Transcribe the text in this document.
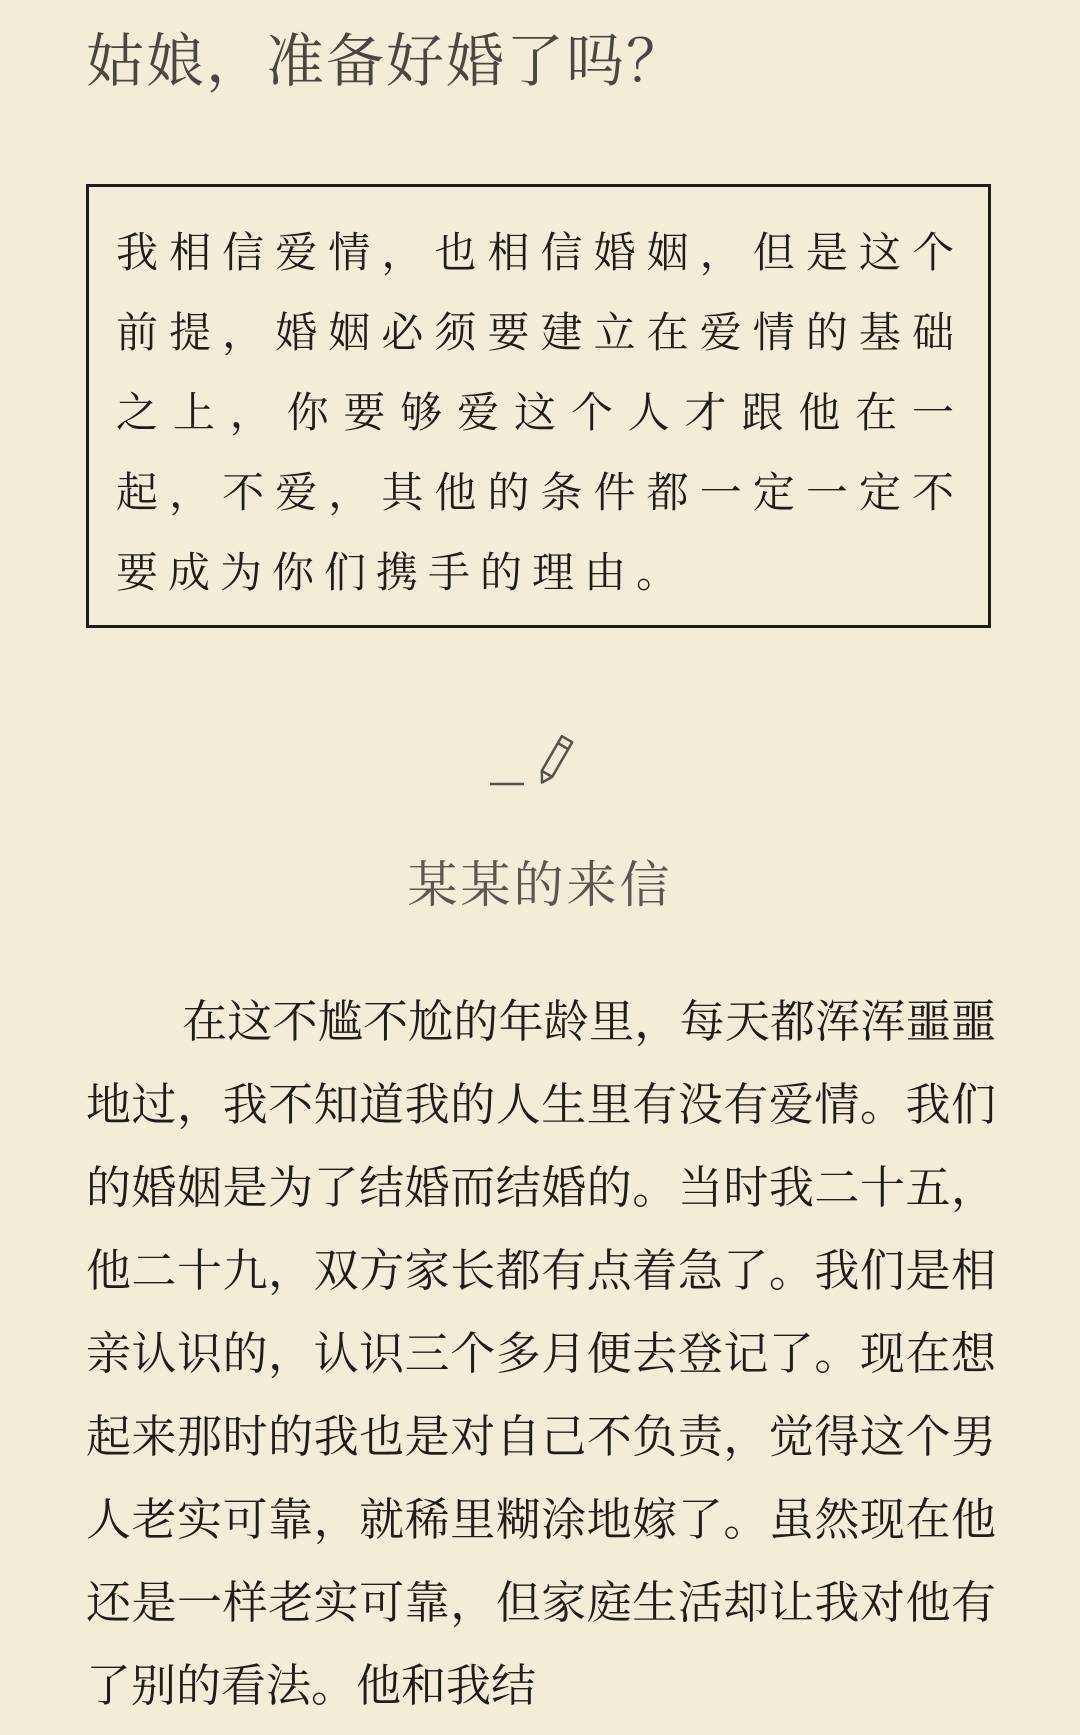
姑娘，准备好婚了吗？

我相信爱情，也相信婚姻，但是这个前提，婚姻必须要建立在爱情的基础之上，你要够爱这个人才跟他在一起，不爱，其他的条件都一定一定不要成为你们携手的理由。

某某的来信

在这不尴不尬的年龄里，每天都浑浑噩噩地过，我不知道我的人生里有没有爱情。我们的婚姻是为了结婚而结婚的。当时我二十五，他二十九，双方家长都有点着急了。我们是相亲认识的，认识三个多月便去登记了。现在想起来那时的我也是对自己不负责，觉得这个男人老实可靠，就稀里糊涂地嫁了。虽然现在他还是一样老实可靠，但家庭生活却让我对他有了别的看法。他和我结
